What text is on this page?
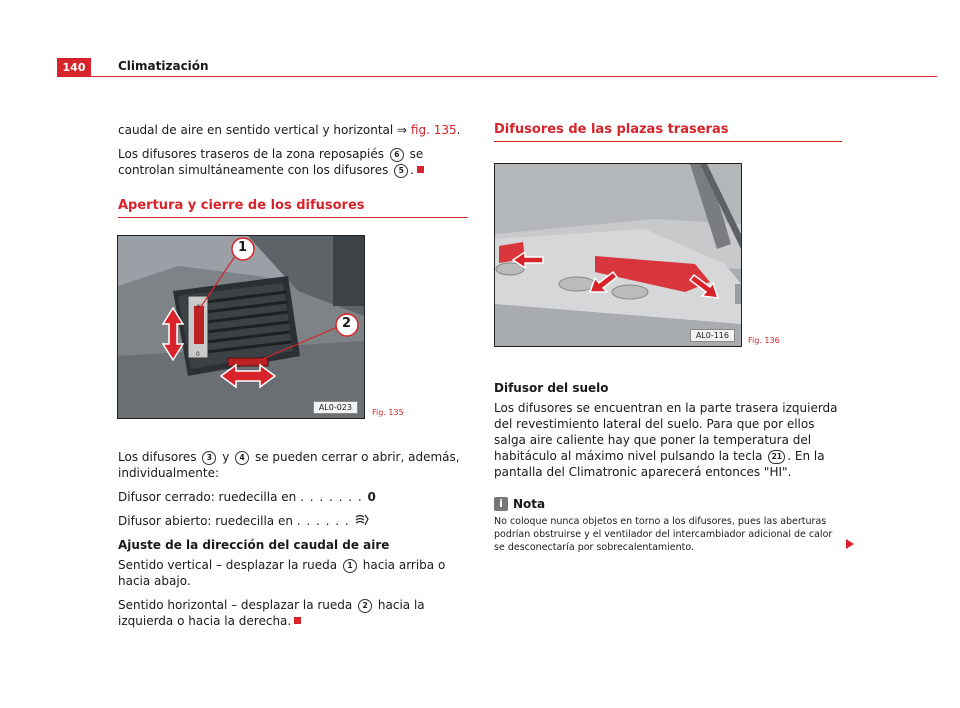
140	Climatización

caudal de aire en sentido vertical y horizontal ⇒ fig. 135.

Los difusores traseros de la zona reposapiés 6 se controlan simultáneamente con los difusores 5 .

Apertura y cierre de los difusores
≋
0
1
2
AL0-023
Fig. 135

Los difusores 3 y 4 se pueden cerrar o abrir, además, individualmente:

Difusor cerrado: ruedecilla en . . . . . . . 0

Difusor abierto: ruedecilla en . . . . . .

Ajuste de la dirección del caudal de aire

Sentido vertical – desplazar la rueda 1 hacia arriba o hacia abajo.

Sentido horizontal – desplazar la rueda 2 hacia la izquierda o hacia la derecha.

Difusores de las plazas traseras
AL0-116
Fig. 136

Difusor del suelo

Los difusores se encuentran en la parte trasera izquierda del revestimiento lateral del suelo. Para que por ellos salga aire caliente hay que poner la temperatura del habitáculo al máximo nivel pulsando la tecla 21 . En la pantalla del Climatronic aparecerá entonces "HI".

i Nota
No coloque nunca objetos en torno a los difusores, pues las aberturas podrían obstruirse y el ventilador del intercambiador adicional de calor se desconectaría por sobrecalentamiento.
